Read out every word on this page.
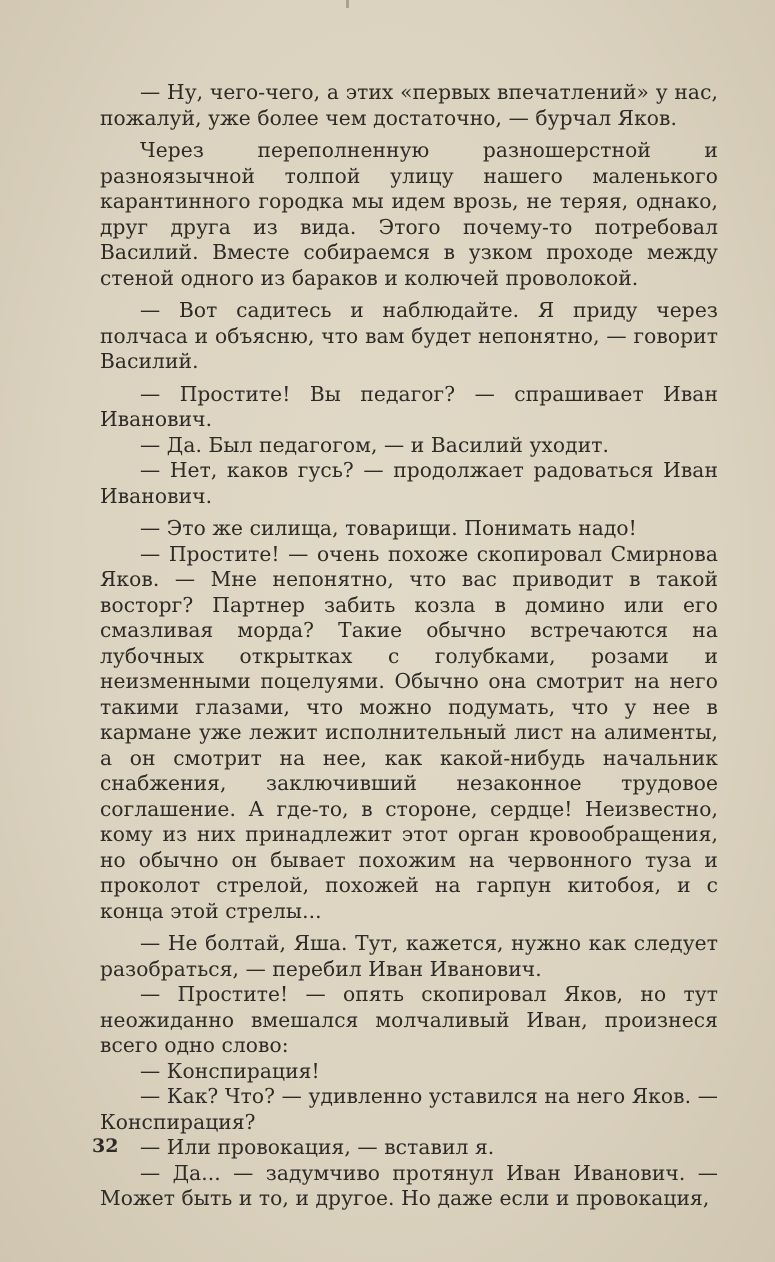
— Ну, чего-чего, а этих «первых впечатлений» у нас, пожалуй, уже более чем достаточно, — бурчал Яков.

Через переполненную разношерстной и разноязычной толпой улицу нашего маленького карантинного городка мы идем врозь, не теряя, однако, друг друга из вида. Этого почему-то потребовал Василий. Вместе собираемся в узком проходе между стеной одного из бараков и колючей проволокой.

— Вот садитесь и наблюдайте. Я приду через полчаса и объясню, что вам будет непонятно, — говорит Василий.

— Простите! Вы педагог? — спрашивает Иван Иванович.

— Да. Был педагогом, — и Василий уходит.

— Нет, каков гусь? — продолжает радоваться Иван Иванович.

— Это же силища, товарищи. Понимать надо!

— Простите! — очень похоже скопировал Смирнова Яков. — Мне непонятно, что вас приводит в такой восторг? Партнер забить козла в домино или его смазливая морда? Такие обычно встречаются на лубочных открытках с голубками, розами и неизменными поцелуями. Обычно она смотрит на него такими глазами, что можно подумать, что у нее в кармане уже лежит исполнительный лист на алименты, а он смотрит на нее, как какой-нибудь начальник снабжения, заключивший незаконное трудовое соглашение. А где-то, в стороне, сердце! Неизвестно, кому из них принадлежит этот орган кровообращения, но обычно он бывает похожим на червонного туза и проколот стрелой, похожей на гарпун китобоя, и с конца этой стрелы...

— Не болтай, Яша. Тут, кажется, нужно как следует разобраться, — перебил Иван Иванович.

— Простите! — опять скопировал Яков, но тут неожиданно вмешался молчаливый Иван, произнеся всего одно слово:

— Конспирация!

— Как? Что? — удивленно уставился на него Яков. — Конспирация?

— Или провокация, — вставил я.

— Да... — задумчиво протянул Иван Иванович. — Может быть и то, и другое. Но даже если и провокация,

32
